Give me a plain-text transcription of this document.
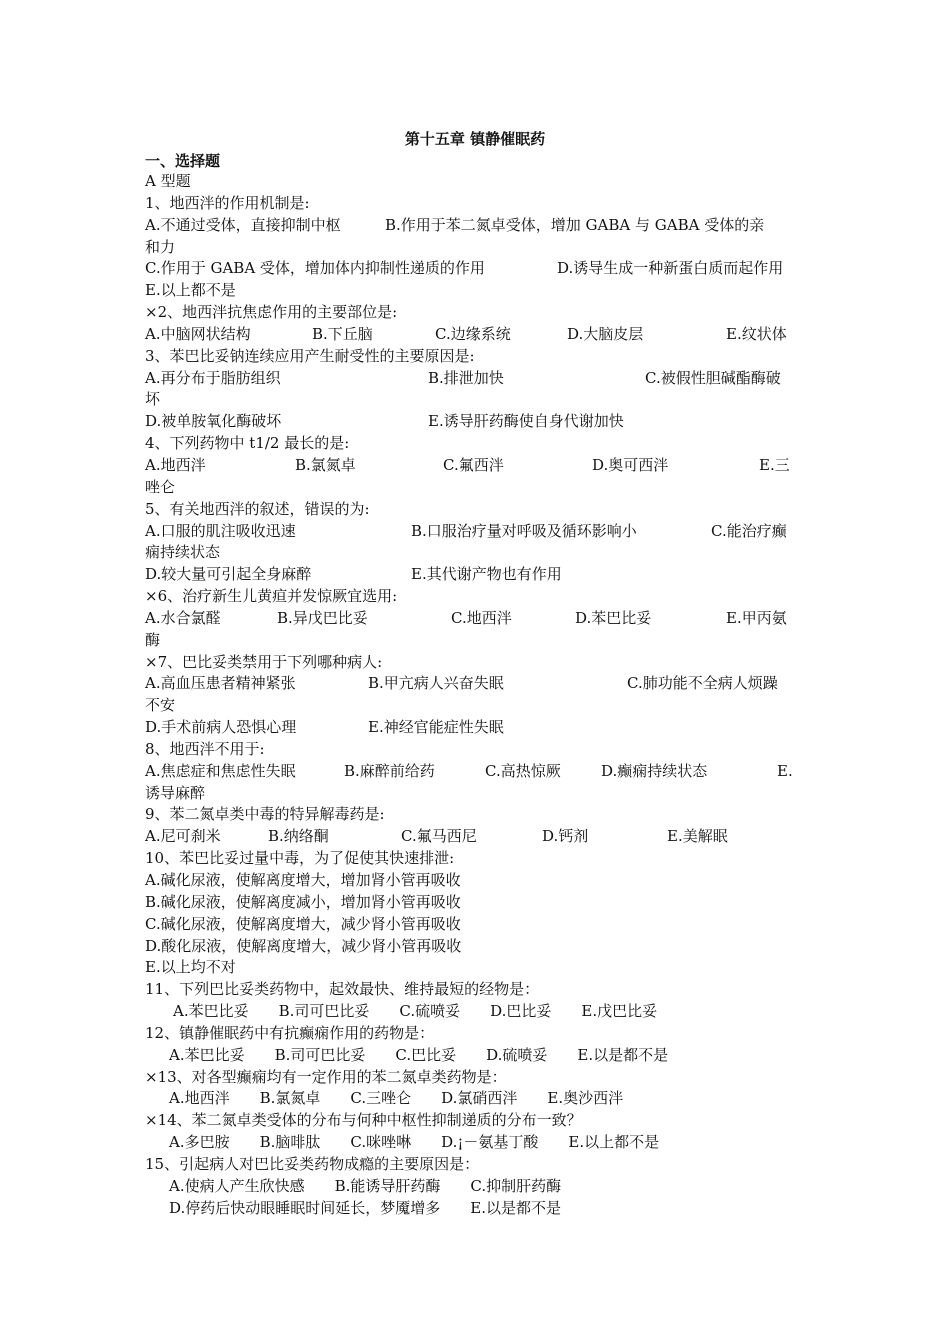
第十五章 镇静催眠药
一、选择题
A 型题
1、地西泮的作用机制是:
A.不通过受体，直接抑制中枢	B.作用于苯二氮卓受体，增加 GABA 与 GABA 受体的亲
和力
C.作用于 GABA 受体，增加体内抑制性递质的作用	D.诱导生成一种新蛋白质而起作用
E.以上都不是
×2、地西泮抗焦虑作用的主要部位是:
A.中脑网状结构	B.下丘脑	C.边缘系统	D.大脑皮层	E.纹状体
3、苯巴比妥钠连续应用产生耐受性的主要原因是:
A.再分布于脂肪组织	B.排泄加快	C.被假性胆碱酯酶破
坏
D.被单胺氧化酶破坏	E.诱导肝药酶使自身代谢加快
4、下列药物中 t1/2 最长的是:
A.地西泮	B.氯氮卓	C.氟西泮	D.奥可西泮	E.三
唑仑
5、有关地西泮的叙述，错误的为:
A.口服的肌注吸收迅速	B.口服治疗量对呼吸及循环影响小	C.能治疗癫
痫持续状态
D.较大量可引起全身麻醉	E.其代谢产物也有作用
×6、治疗新生儿黄疸并发惊厥宜选用:
A.水合氯醛	B.异戊巴比妥	C.地西泮	D.苯巴比妥	E.甲丙氨
酶
×7、巴比妥类禁用于下列哪种病人:
A.高血压患者精神紧张	B.甲亢病人兴奋失眠	C.肺功能不全病人烦躁
不安
D.手术前病人恐惧心理	E.神经官能症性失眠
8、地西泮不用于:
A.焦虑症和焦虑性失眠	B.麻醉前给药	C.高热惊厥	D.癫痫持续状态	E.
诱导麻醉
9、苯二氮卓类中毒的特异解毒药是:
A.尼可刹米	B.纳络酮	C.氟马西尼	D.钙剂	E.美解眠
10、苯巴比妥过量中毒，为了促使其快速排泄:
A.碱化尿液，使解离度增大，增加肾小管再吸收
B.碱化尿液，使解离度减小，增加肾小管再吸收
C.碱化尿液，使解离度增大，减少肾小管再吸收
D.酸化尿液，使解离度增大，减少肾小管再吸收
E.以上均不对
11、下列巴比妥类药物中，起效最快、维持最短的经物是：
A.苯巴比妥 B.司可巴比妥 C.硫喷妥 D.巴比妥 E.戊巴比妥
12、镇静催眠药中有抗癫痫作用的药物是：
A.苯巴比妥 B.司可巴比妥 C.巴比妥 D.硫喷妥 E.以是都不是
×13、对各型癫痫均有一定作用的苯二氮卓类药物是：
A.地西泮 B.氯氮卓 C.三唑仑 D.氯硝西泮 E.奥沙西泮
×14、苯二氮卓类受体的分布与何种中枢性抑制递质的分布一致？
A.多巴胺 B.脑啡肽 C.咪唑啉 D.¡－氨基丁酸 E.以上都不是
15、引起病人对巴比妥类药物成瘾的主要原因是：
A.使病人产生欣快感 B.能诱导肝药酶 C.抑制肝药酶
D.停药后快动眼睡眠时间延长，梦魇增多 E.以是都不是
